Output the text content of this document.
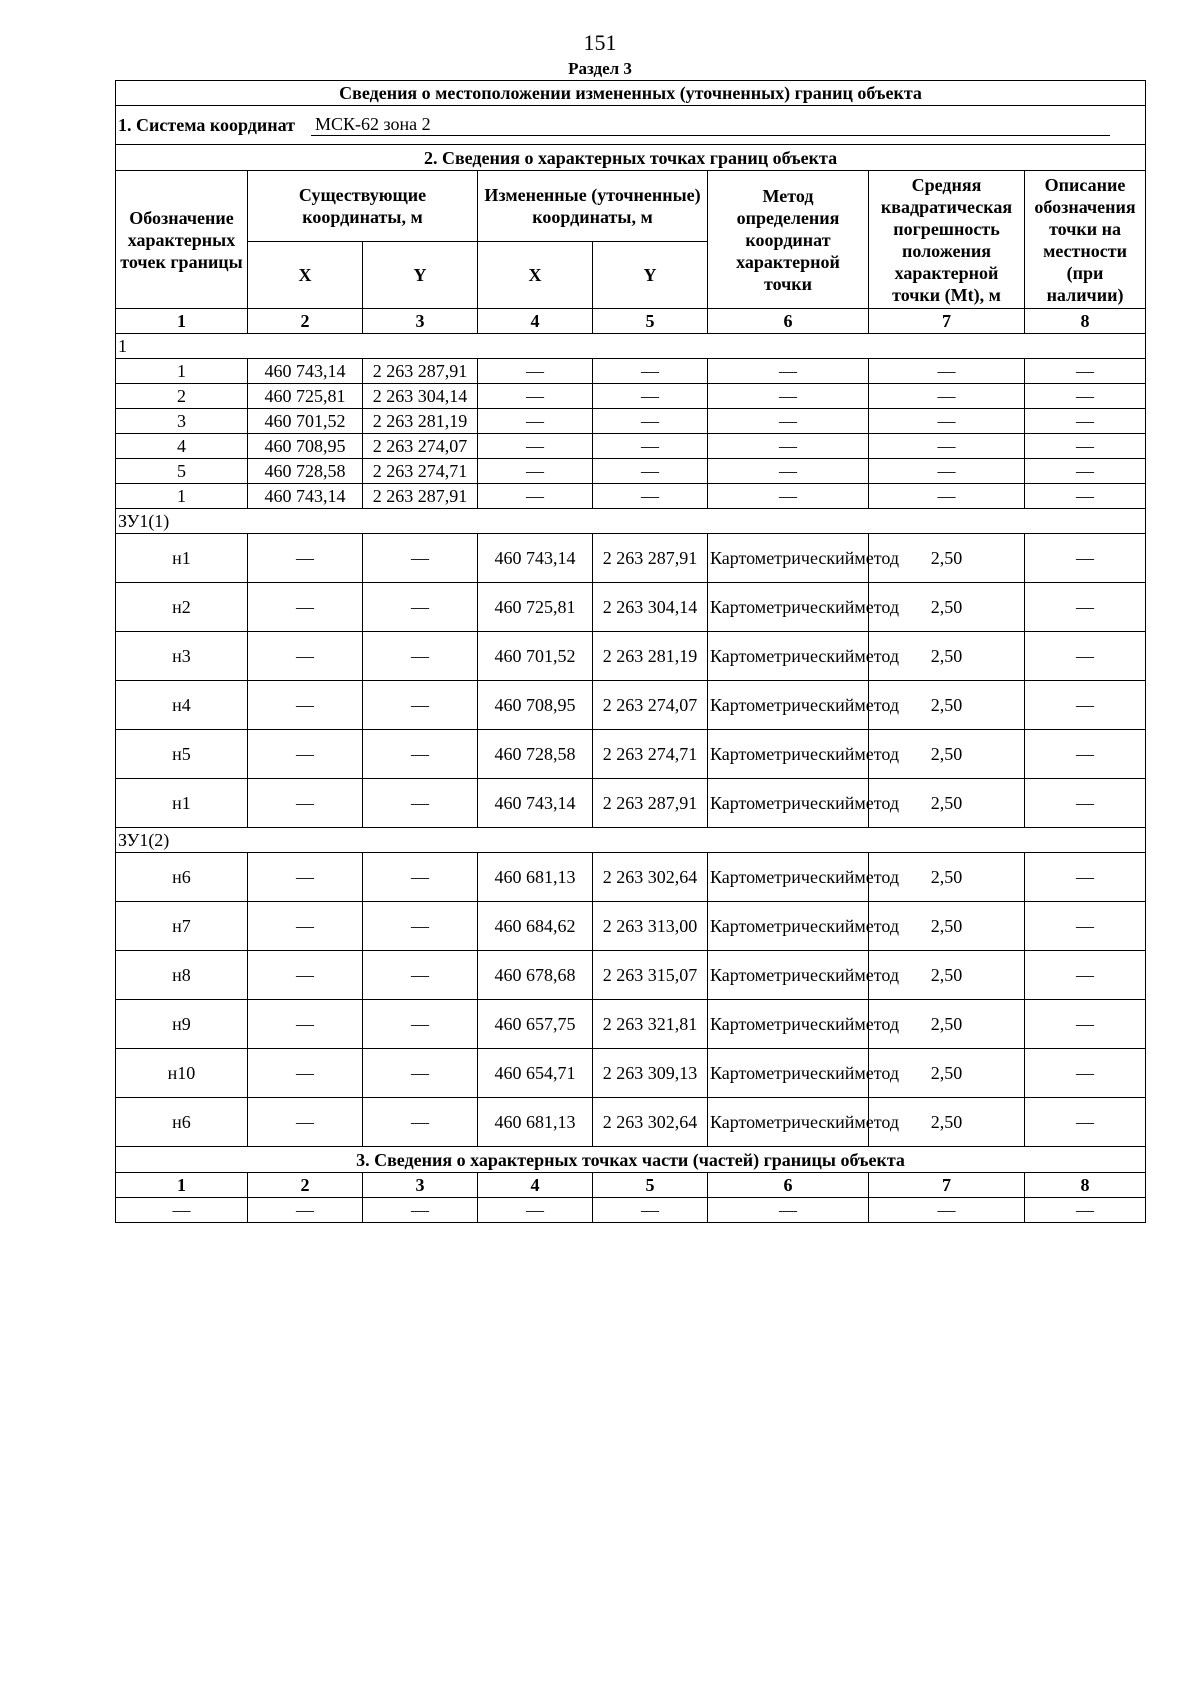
151
Раздел 3
Сведения о местоположении измененных (уточненных) границ объекта							
1. Система координат МСК-62 зона 2							
2. Сведения о характерных точках границ объекта							
Обозначение характерных точек границы	Существующие координаты, м		Измененные (уточненные) координаты, м		Метод определения координат характерной точки	Средняя квадратическая погрешность положения характерной точки (Mt), м	Описание обозначения точки на местности (при наличии)
	X	Y	X	Y			
1	2	3	4	5	6	7	8
1							
1	460 743,14	2 263 287,91	—	—	—	—	—
2	460 725,81	2 263 304,14	—	—	—	—	—
3	460 701,52	2 263 281,19	—	—	—	—	—
4	460 708,95	2 263 274,07	—	—	—	—	—
5	460 728,58	2 263 274,71	—	—	—	—	—
1	460 743,14	2 263 287,91	—	—	—	—	—
ЗУ1(1)							
н1	—	—	460 743,14	2 263 287,91	Картометрическийметод	2,50	—
н2	—	—	460 725,81	2 263 304,14	Картометрическийметод	2,50	—
н3	—	—	460 701,52	2 263 281,19	Картометрическийметод	2,50	—
н4	—	—	460 708,95	2 263 274,07	Картометрическийметод	2,50	—
н5	—	—	460 728,58	2 263 274,71	Картометрическийметод	2,50	—
н1	—	—	460 743,14	2 263 287,91	Картометрическийметод	2,50	—
ЗУ1(2)							
н6	—	—	460 681,13	2 263 302,64	Картометрическийметод	2,50	—
н7	—	—	460 684,62	2 263 313,00	Картометрическийметод	2,50	—
н8	—	—	460 678,68	2 263 315,07	Картометрическийметод	2,50	—
н9	—	—	460 657,75	2 263 321,81	Картометрическийметод	2,50	—
н10	—	—	460 654,71	2 263 309,13	Картометрическийметод	2,50	—
н6	—	—	460 681,13	2 263 302,64	Картометрическийметод	2,50	—
3. Сведения о характерных точках части (частей) границы объекта							
1	2	3	4	5	6	7	8
—	—	—	—	—	—	—	—
